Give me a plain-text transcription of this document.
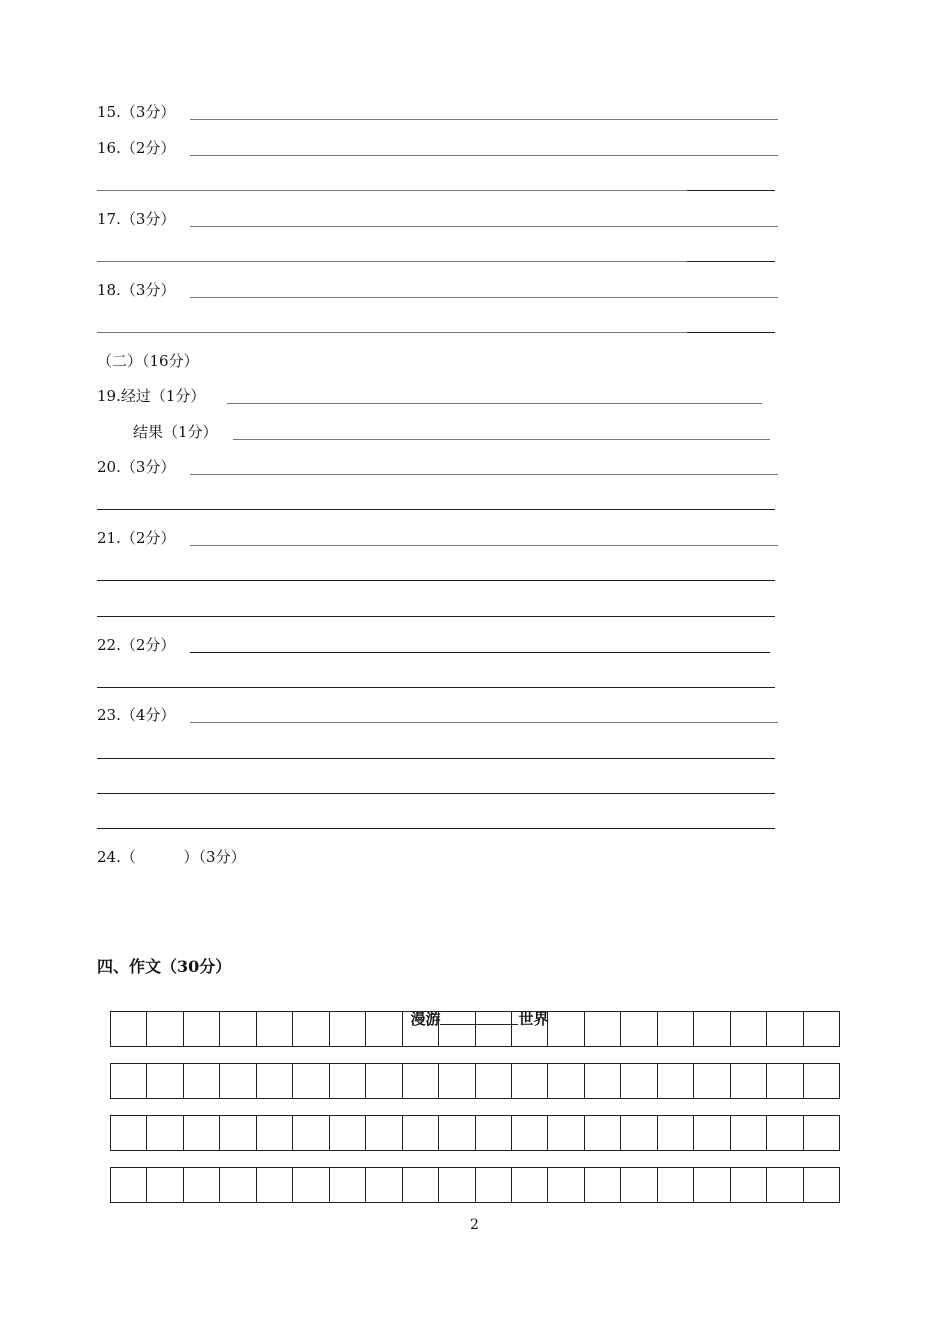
15.（3分）
16.（2分）
17.（3分）
18.（3分）
（二）（16分）
19.经过（1分）
结果（1分）
20.（3分）
21.（2分）
22.（2分）
23.（4分）
24.（          ）（3分）
四、作文（30分）

漫游	世界

2
